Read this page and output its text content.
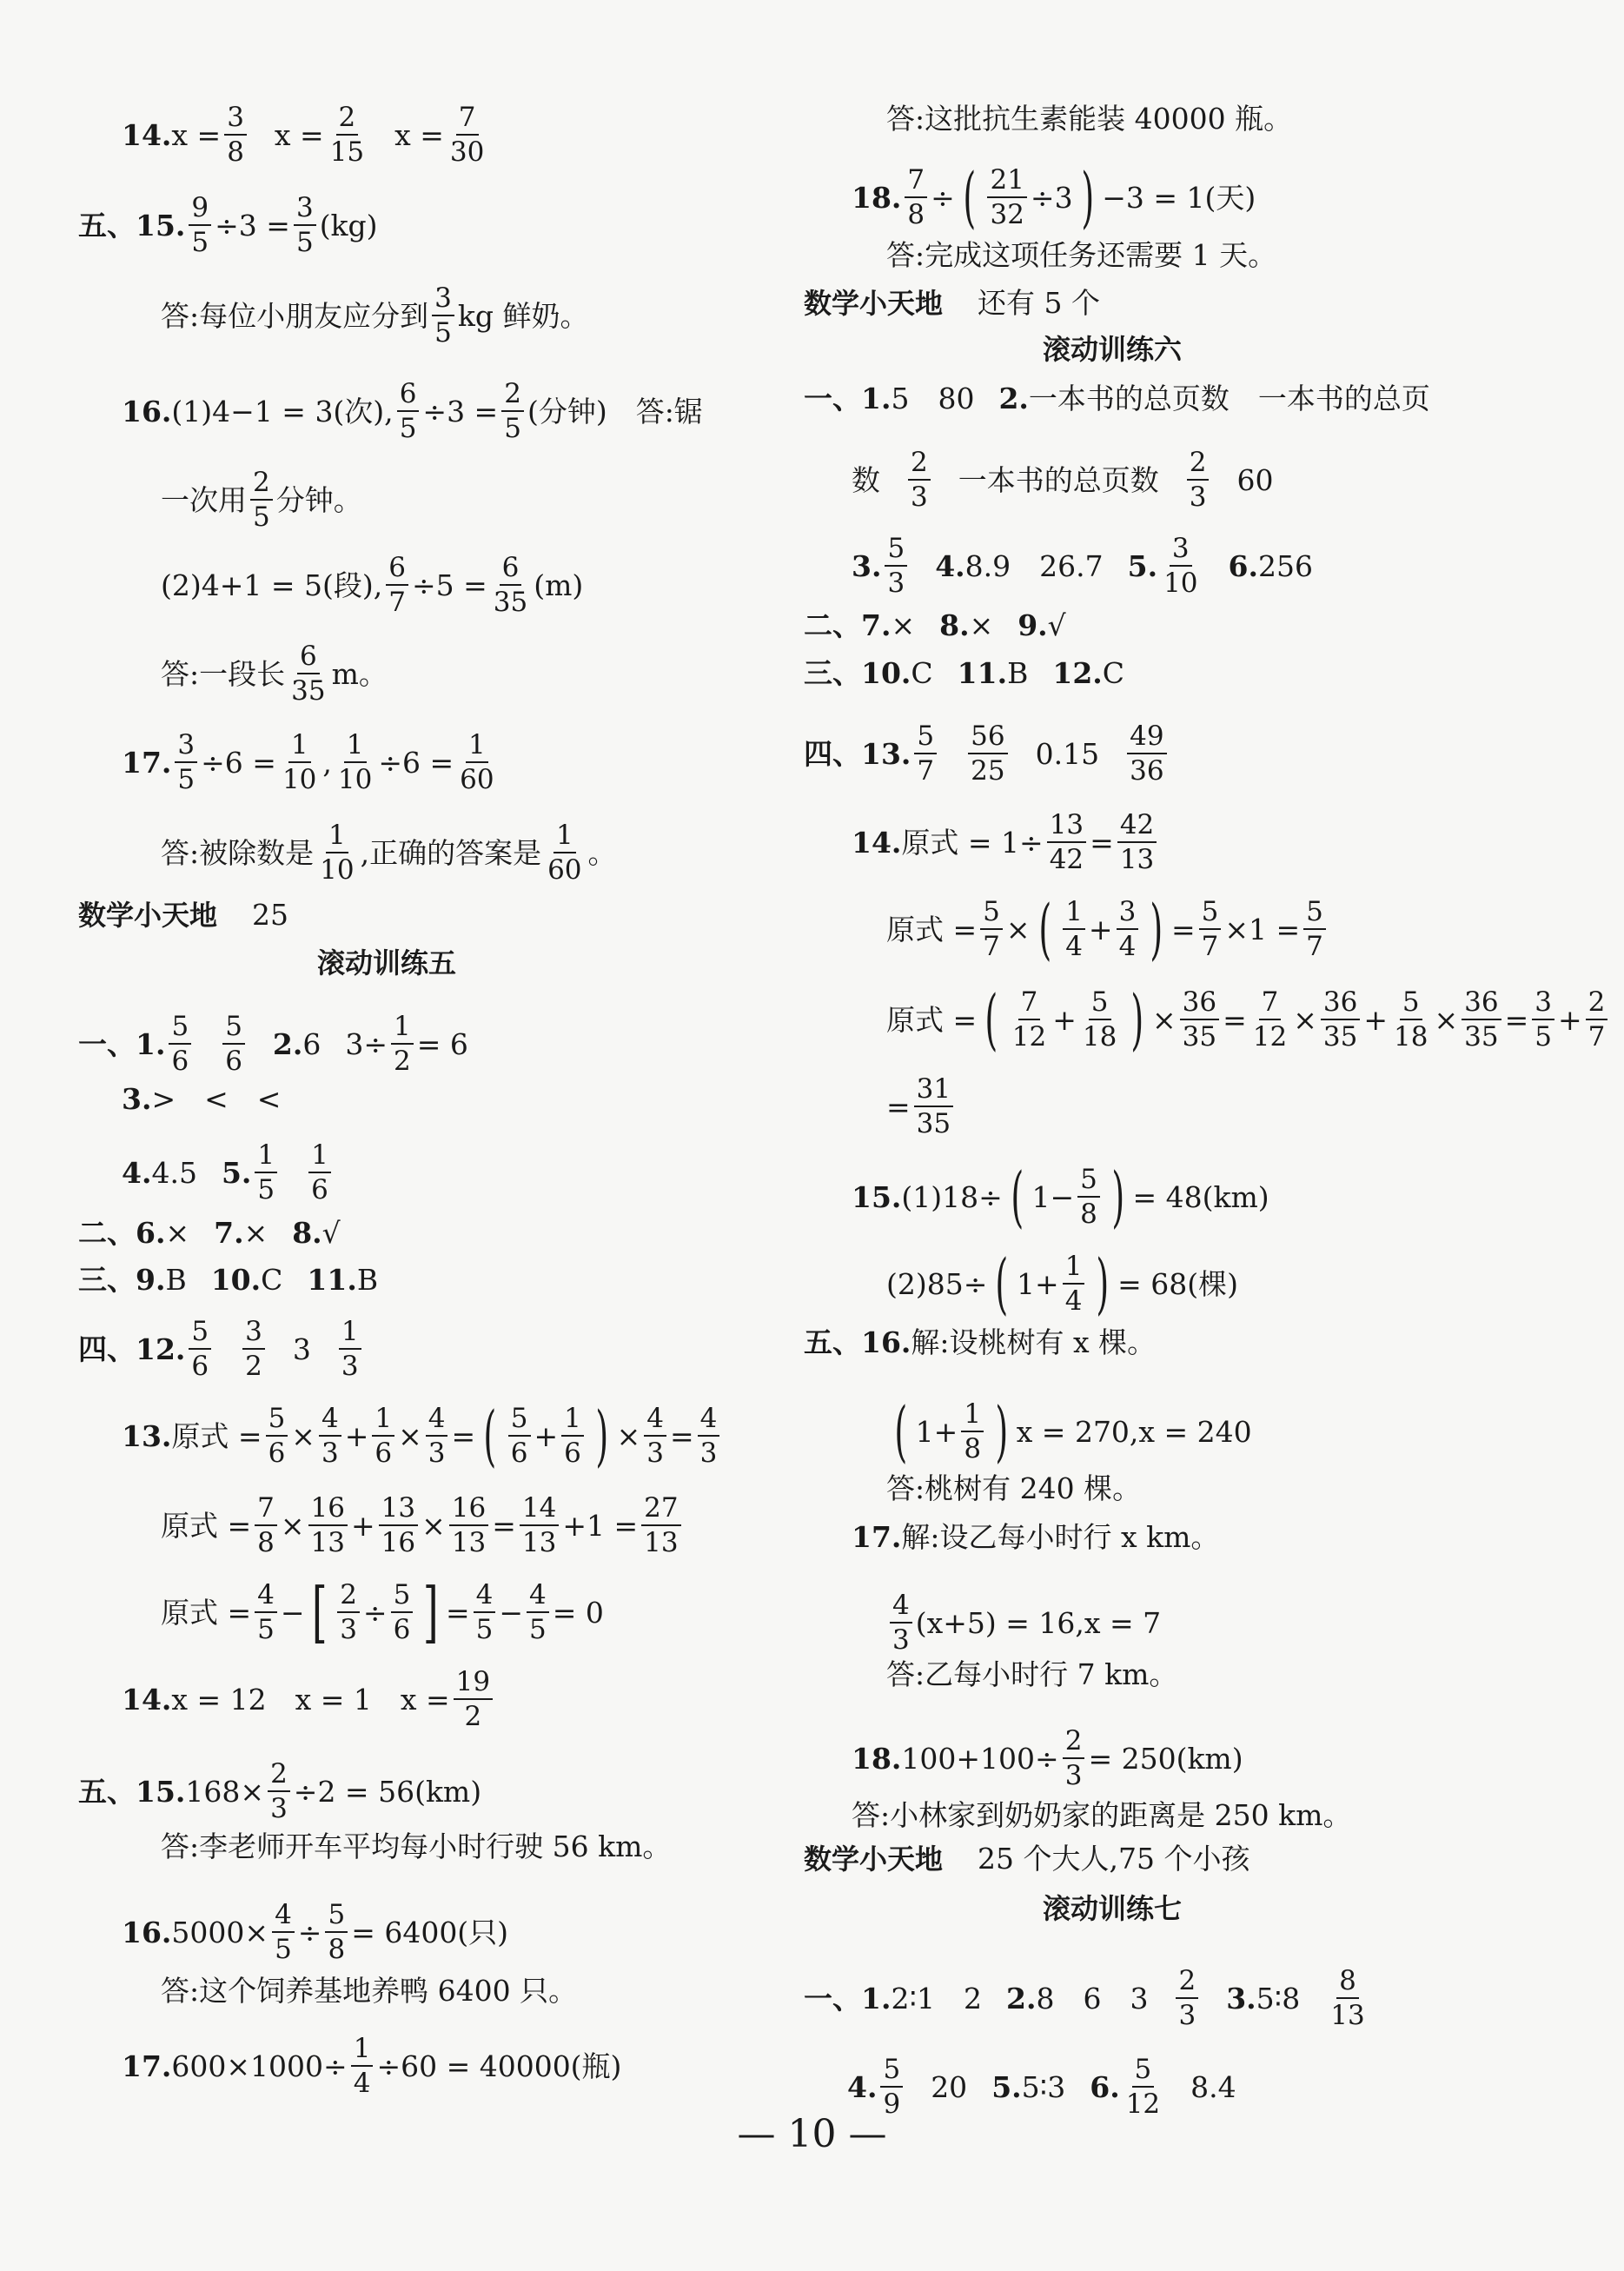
14. $x = \frac{3}{8}$ $x = \frac{2}{15}$ $x = \frac{7}{30}$
五、15. $\frac{9}{5} \div 3 = \frac{3}{5} (kg)$
答:每位小朋友应分到 $\frac{3}{5}$ kg 鲜奶。
16. (1)4−1 = 3(次), $\frac{6}{5} \div 3 = \frac{2}{5}$ (分钟)　答:锯
一次用 $\frac{2}{5}$ 分钟。
(2)4+1 = 5(段), $\frac{6}{7} \div 5 = \frac{6}{35} (m)$
答:一段长 $\frac{6}{35}$ m。
17. $\frac{3}{5} \div 6 = \frac{1}{10}$ , $\frac{1}{10} \div 6 = \frac{1}{60}$
答:被除数是 $\frac{1}{10}$ ,正确的答案是 $\frac{1}{60}$ 。
数学小天地 25
滚动训练五
一、1. $\frac{5}{6} \frac{5}{6} 2$. 6 $3\div \frac{1}{2} = 6$
3. >　<　<
4. 4.5 5. $\frac{1}{5} \frac{1}{6}$
二、6. × 7. × 8. √
三、9. B 10. C 11. B
四、12. $\frac{5}{6} \frac{3}{2} 3 \frac{1}{3}$
13. 原式 = $\frac{5}{6} \times \frac{4}{3} + \frac{1}{6} \times \frac{4}{3}$ = ( $\frac{5}{6} + \frac{1}{6}$ ) × $\frac{4}{3} = \frac{4}{3}$
原式 = $\frac{7}{8} \times \frac{16}{13} + \frac{13}{16} \times \frac{16}{13} = \frac{14}{13} +1 = \frac{27}{13}$
原式 = $\frac{4}{5}$ − [ $\frac{2}{3} \div \frac{5}{6}$ ] = $\frac{4}{5} - \frac{4}{5} = 0$
14. x = 12　x = 1　$x = \frac{19}{2}$
五、15. $168\times \frac{2}{3} \div 2 = 56(km)$
答:李老师开车平均每小时行驶 56 km。
16. $5000\times \frac{4}{5} \div \frac{5}{8} = 6400$(只)
答:这个饲养基地养鸭 6400 只。
17. $600\times 1000\div \frac{1}{4} \div 60 = 40000$(瓶)
答:这批抗生素能装 40000 瓶。
18. $\frac{7}{8}$ ÷ ( $\frac{21}{32} \div 3$ ) −3 = 1(天)
答:完成这项任务还需要 1 天。
数学小天地 还有 5 个
滚动训练六
一、1. 5　80 2. 一本书的总页数　一本书的总页
数 $\frac{2}{3}$ 一本书的总页数 $\frac{2}{3} 60$
3. $\frac{5}{3} 4$. 8.9　26.7 5. $\frac{3}{10} 6$. 256
二、7. × 8. × 9. √
三、10. C 11. B 12. C
四、13. $\frac{5}{7} \frac{56}{25} 0.15 \frac{49}{36}$
14. 原式 = $1\div \frac{13}{42} = \frac{42}{13}$
原式 = $\frac{5}{7}$ × ( $\frac{1}{4} + \frac{3}{4}$ ) = $\frac{5}{7} \times 1 = \frac{5}{7}$
原式 = ( $\frac{7}{12} + \frac{5}{18}$ ) × $\frac{36}{35} = \frac{7}{12} \times \frac{36}{35} + \frac{5}{18} \times \frac{36}{35} = \frac{3}{5} + \frac{2}{7}$
= $\frac{31}{35}$
15. (1)18÷ ( $1- \frac{5}{8}$ ) = 48(km)
(2)85÷ ( $1+ \frac{1}{4}$ ) = 68(棵)
五、16. 解:设桃树有 x 棵。
( $1+ \frac{1}{8}$ ) x = 270,x = 240
答:桃树有 240 棵。
17. 解:设乙每小时行 x km。
$\frac{4}{3} (x+5) = 16,x = 7$
答:乙每小时行 7 km。
18. $100+100\div \frac{2}{3} = 250(km)$
答:小林家到奶奶家的距离是 250 km。
数学小天地 25 个大人,75 个小孩
滚动训练七
一、1. 2∶1　2 2. 8　6　$3 \frac{2}{3} 3$. 5∶8 $\frac{8}{13}$
4. $\frac{5}{9} 20$ 5. 5∶3 6. $\frac{5}{12} 8.4$
— 10 —
